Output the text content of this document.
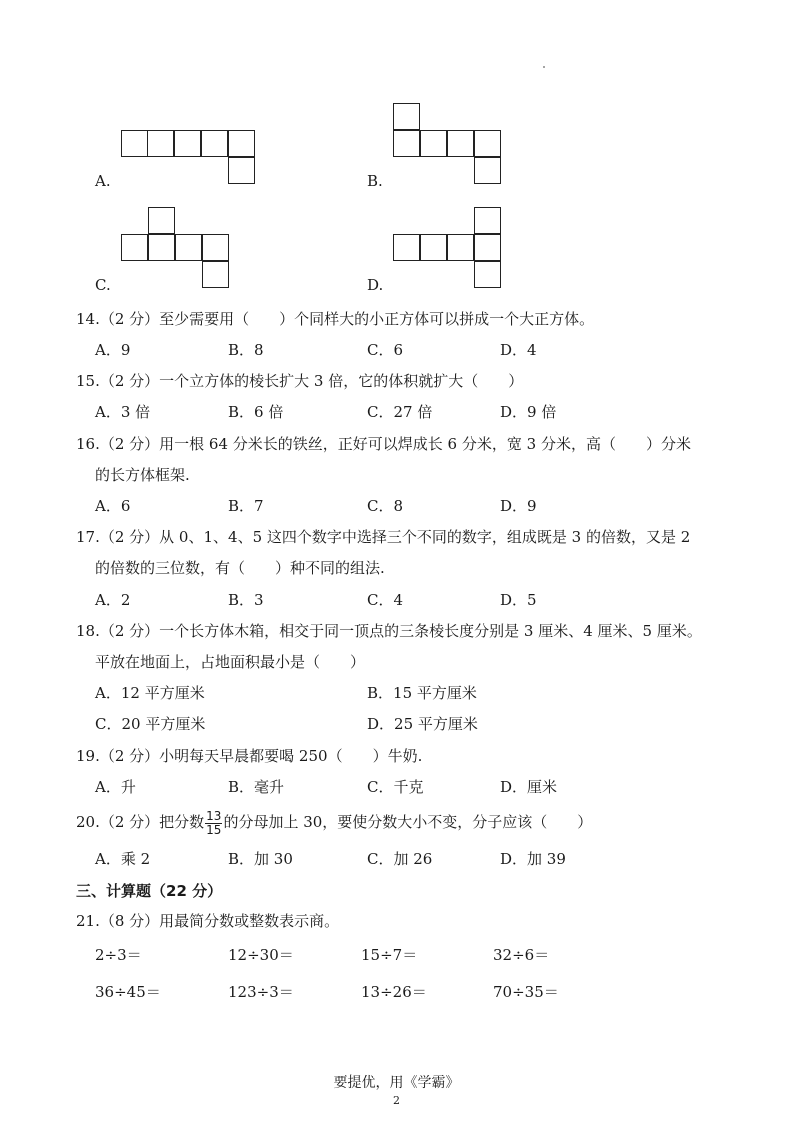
A.	B.
C.	D.
14.（2 分）至少需要用（　　）个同样大的小正方体可以拼成一个大正方体。
A．9	B．8	C．6	D．4
15.（2 分）一个立方体的棱长扩大 3 倍，它的体积就扩大（　　）
A．3 倍	B．6 倍	C．27 倍	D．9 倍
16.（2 分）用一根 64 分米长的铁丝，正好可以焊成长 6 分米，宽 3 分米，高（　　）分米
的长方体框架.
A．6	B．7	C．8	D．9
17.（2 分）从 0、1、4、5 这四个数字中选择三个不同的数字，组成既是 3 的倍数，又是 2
的倍数的三位数，有（　　）种不同的组法.
A．2	B．3	C．4	D．5
18.（2 分）一个长方体木箱，相交于同一顶点的三条棱长度分别是 3 厘米、4 厘米、5 厘米。
平放在地面上，占地面积最小是（　　）
A．12 平方厘米	B．15 平方厘米
C．20 平方厘米	D．25 平方厘米
19.（2 分）小明每天早晨都要喝 250（　　）牛奶.
A．升	B．毫升	C．千克	D．厘米
20.（2 分）把分数 $\frac{13}{15}$ 的分母加上 30，要使分数大小不变，分子应该（　　）
A．乘 2	B．加 30	C．加 26	D．加 39
三、计算题（22 分）
21.（8 分）用最简分数或整数表示商。
2÷3＝	12÷30＝	15÷7＝	32÷6＝
36÷45＝	123÷3＝	13÷26＝	70÷35＝
要提优，用《学霸》
2
